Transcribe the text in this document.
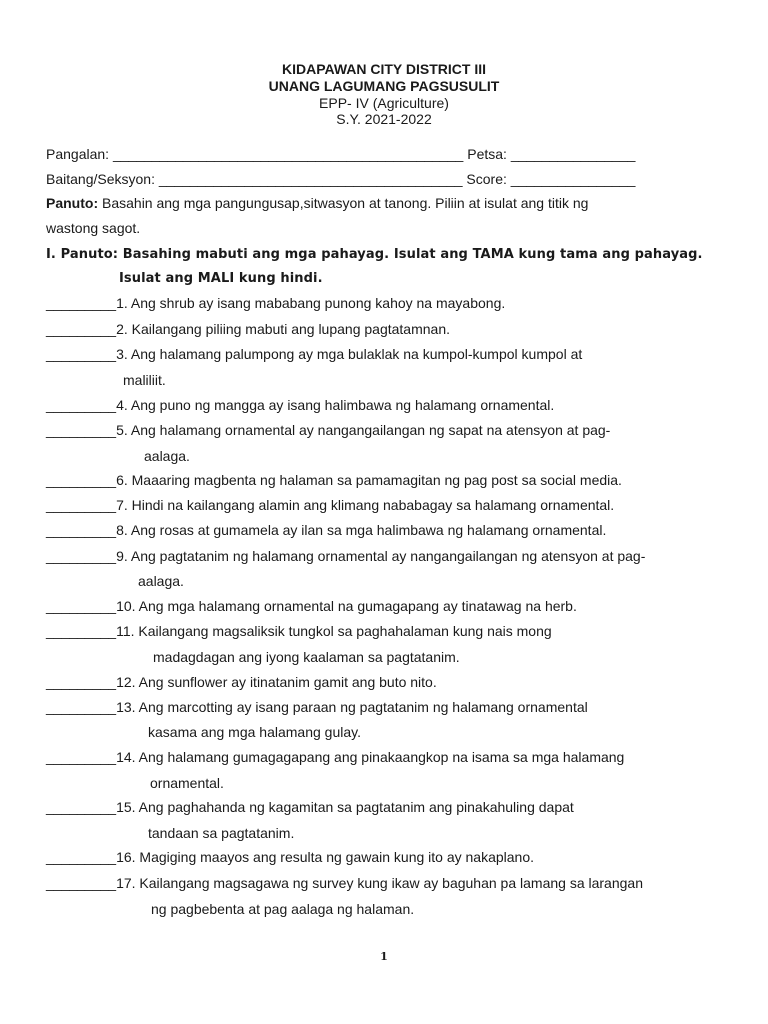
KIDAPAWAN CITY DISTRICT III
UNANG LAGUMANG PAGSUSULIT
EPP- IV (Agriculture)
S.Y. 2021-2022
Pangalan: _____________________________________________ Petsa: ________________
Baitang/Seksyon: _______________________________________ Score: ________________
Panuto: Basahin ang mga pangungusap,sitwasyon at tanong. Piliin at isulat ang titik ng
wastong sagot.
I. Panuto: Basahing mabuti ang mga pahayag. Isulat ang TAMA kung tama ang pahayag.
Isulat ang MALI kung hindi.
_________1. Ang shrub ay isang mababang punong kahoy na mayabong.
_________2. Kailangang piliing mabuti ang lupang pagtatamnan.
_________3. Ang halamang palumpong ay mga bulaklak na kumpol-kumpol kumpol at
maliliit.
_________4. Ang puno ng mangga ay isang halimbawa ng halamang ornamental.
_________5. Ang halamang ornamental ay nangangailangan ng sapat na atensyon at pag-
aalaga.
_________6. Maaaring magbenta ng halaman sa pamamagitan ng pag post sa social media.
_________7. Hindi na kailangang alamin ang klimang nababagay sa halamang ornamental.
_________8. Ang rosas at gumamela ay ilan sa mga halimbawa ng halamang ornamental.
_________9. Ang pagtatanim ng halamang ornamental ay nangangailangan ng atensyon at pag-
aalaga.
_________10. Ang mga halamang ornamental na gumagapang ay tinatawag na herb.
_________11. Kailangang magsaliksik tungkol sa paghahalaman kung nais mong
madagdagan ang iyong kaalaman sa pagtatanim.
_________12. Ang sunflower ay itinatanim gamit ang buto nito.
_________13. Ang marcotting ay isang paraan ng pagtatanim ng halamang ornamental
kasama ang mga halamang gulay.
_________14. Ang halamang gumagagapang ang pinakaangkop na isama sa mga halamang
ornamental.
_________15. Ang paghahanda ng kagamitan sa pagtatanim ang pinakahuling dapat
tandaan sa pagtatanim.
_________16. Magiging maayos ang resulta ng gawain kung ito ay nakaplano.
_________17. Kailangang magsagawa ng survey kung ikaw ay baguhan pa lamang sa larangan
ng pagbebenta at pag aalaga ng halaman.
1
